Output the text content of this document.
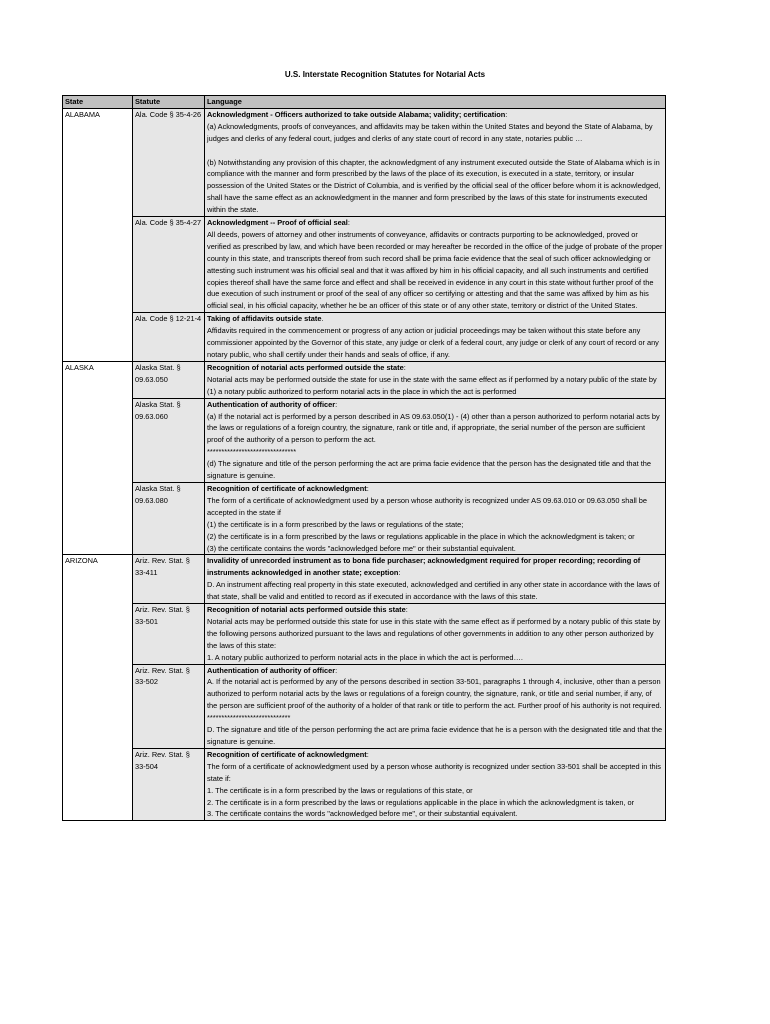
U.S. Interstate Recognition Statutes for Notarial Acts
State	Statute	Language
ALABAMA	Ala. Code § 35-4-26	Acknowledgment - Officers authorized to take outside Alabama; validity; certification:
(a) Acknowledgments, proofs of conveyances, and affidavits may be taken within the United States and beyond the State of Alabama, by judges and clerks of any federal court, judges and clerks of any state court of record in any state, notaries public …
(b) Notwithstanding any provision of this chapter, the acknowledgment of any instrument executed outside the State of Alabama which is in compliance with the manner and form prescribed by the laws of the place of its execution, is executed in a state, territory, or insular possession of the United States or the District of Columbia, and is verified by the official seal of the officer before whom it is acknowledged, shall have the same effect as an acknowledgment in the manner and form prescribed by the laws of this state for instruments executed within the state.

	Ala. Code § 35-4-27	Acknowledgment -- Proof of official seal:
All deeds, powers of attorney and other instruments of conveyance, affidavits or contracts purporting to be acknowledged, proved or verified as prescribed by law, and which have been recorded or may hereafter be recorded in the office of the judge of probate of the proper county in this state, and transcripts thereof from such record shall be prima facie evidence that the seal of such officer acknowledging or attesting such instrument was his official seal and that it was affixed by him in his official capacity, and all such instruments and certified copies thereof shall have the same force and effect and shall be received in evidence in any court in this state without further proof of the due execution of such instrument or proof of the seal of any officer so certifying or attesting and that the same was affixed by him as his official seal, in his official capacity, whether he be an officer of this state or of any other state, territory or district of the United States.

	Ala. Code § 12-21-4	Taking of affidavits outside state.
Affidavits required in the commencement or progress of any action or judicial proceedings may be taken without this state before any commissioner appointed by the Governor of this state, any judge or clerk of a federal court, any judge or clerk of any court of record or any notary public, who shall certify under their hands and seals of office, if any.

ALASKA	Alaska Stat. § 09.63.050	Recognition of notarial acts performed outside the state:
Notarial acts may be performed outside the state for use in the state with the same effect as if performed by a notary public of the state by
(1) a notary public authorized to perform notarial acts in the place in which the act is performed

	Alaska Stat. § 09.63.060	Authentication of authority of officer:
(a) If the notarial act is performed by a person described in AS 09.63.050(1) - (4) other than a person authorized to perform notarial acts by the laws or regulations of a foreign country, the signature, rank or title and, if appropriate, the serial number of the person are sufficient proof of the authority of a person to perform the act.
*******************************
(d) The signature and title of the person performing the act are prima facie evidence that the person has the designated title and that the signature is genuine.

	Alaska Stat. § 09.63.080	Recognition of certificate of acknowledgment:
The form of a certificate of acknowledgment used by a person whose authority is recognized under AS 09.63.010 or 09.63.050 shall be accepted in the state if
(1) the certificate is in a form prescribed by the laws or regulations of the state;
(2) the certificate is in a form prescribed by the laws or regulations applicable in the place in which the acknowledgment is taken; or
(3) the certificate contains the words "acknowledged before me" or their substantial equivalent.

ARIZONA	Ariz. Rev. Stat. § 33-411	Invalidity of unrecorded instrument as to bona fide purchaser; acknowledgment required for proper recording; recording of instruments acknowledged in another state; exception:
D. An instrument affecting real property in this state executed, acknowledged and certified in any other state in accordance with the laws of that state, shall be valid and entitled to record as if executed in accordance with the laws of this state.

	Ariz. Rev. Stat. § 33-501	Recognition of notarial acts performed outside this state:
Notarial acts may be performed outside this state for use in this state with the same effect as if performed by a notary public of this state by the following persons authorized pursuant to the laws and regulations of other governments in addition to any other person authorized by the laws of this state:
1. A notary public authorized to perform notarial acts in the place in which the act is performed….

	Ariz. Rev. Stat. § 33-502	Authentication of authority of officer:
A. If the notarial act is performed by any of the persons described in section 33-501, paragraphs 1 through 4, inclusive, other than a person authorized to perform notarial acts by the laws or regulations of a foreign country, the signature, rank, or title and serial number, if any, of the person are sufficient proof of the authority of a holder of that rank or title to perform the act. Further proof of his authority is not required.
*****************************
D. The signature and title of the person performing the act are prima facie evidence that he is a person with the designated title and that the signature is genuine.

	Ariz. Rev. Stat. § 33-504	Recognition of certificate of acknowledgment:
The form of a certificate of acknowledgment used by a person whose authority is recognized under section 33-501 shall be accepted in this state if:
1. The certificate is in a form prescribed by the laws or regulations of this state, or
2. The certificate is in a form prescribed by the laws or regulations applicable in the place in which the acknowledgment is taken, or
3. The certificate contains the words "acknowledged before me", or their substantial equivalent.
